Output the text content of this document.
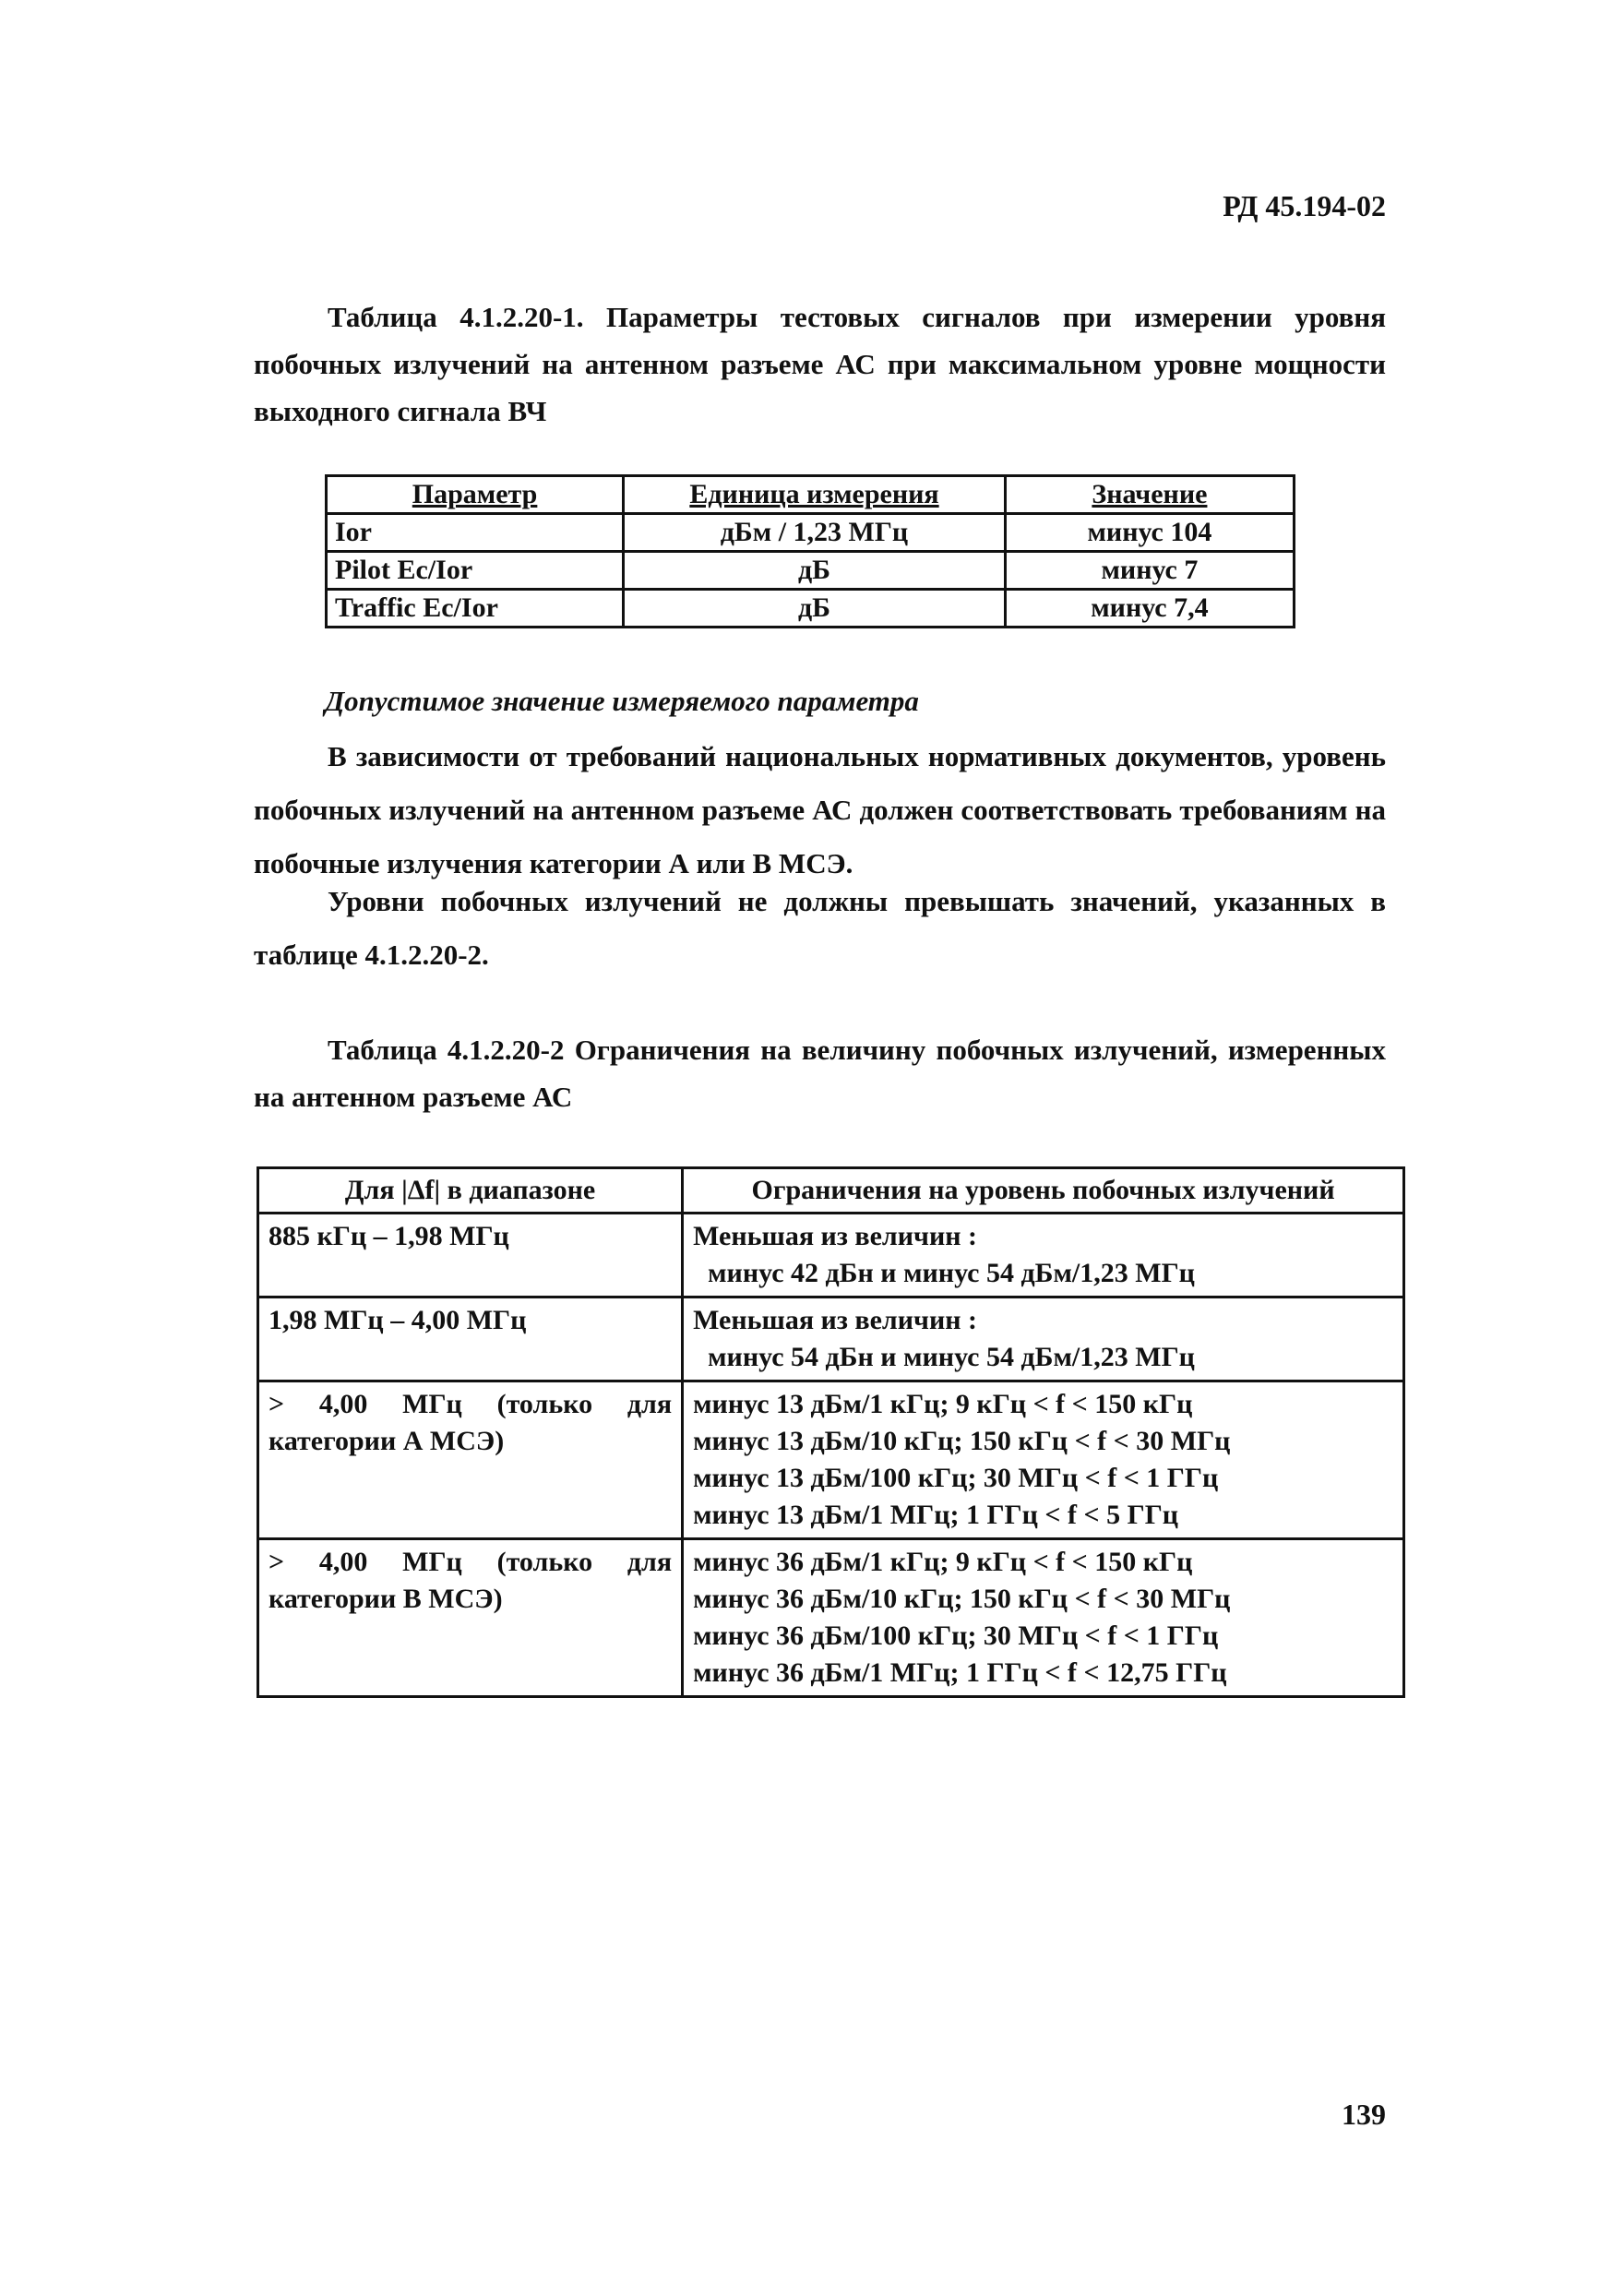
РД 45.194-02
Таблица 4.1.2.20-1. Параметры тестовых сигналов при измерении уровня побочных излучений на антенном разъеме АС при максимальном уровне мощности выходного сигнала ВЧ
Параметр	Единица измерения	Значение
Ior	дБм / 1,23 МГц	минус 104
Pilot Ec/Ior	дБ	минус 7
Traffic Ec/Ior	дБ	минус 7,4
Допустимое значение измеряемого параметра

В зависимости от требований национальных нормативных документов, уровень побочных излучений на антенном разъеме АС должен соответствовать требованиям на побочные излучения категории А или В МСЭ.

Уровни побочных излучений не должны превышать значений, указанных в таблице 4.1.2.20-2.

Таблица 4.1.2.20-2 Ограничения на величину побочных излучений, измеренных на антенном разъеме АС
Для |Δf| в диапазоне	Ограничения на уровень побочных излучений
885 кГц – 1,98 МГц	Меньшая из величин :
минус 42 дБн и минус 54 дБм/1,23 МГц

1,98 МГц – 4,00 МГц	Меньшая из величин :
минус 54 дБн и минус 54 дБм/1,23 МГц

> 4,00 МГц (только для категории А МСЭ)	минус 13 дБм/1 кГц; 9 кГц < f < 150 кГц
минус 13 дБм/10 кГц; 150 кГц < f < 30 МГц
минус 13 дБм/100 кГц; 30 МГц < f < 1 ГГц
минус 13 дБм/1 МГц; 1 ГГц < f < 5 ГГц

> 4,00 МГц (только для категории В МСЭ)	минус 36 дБм/1 кГц; 9 кГц < f < 150 кГц
минус 36 дБм/10 кГц; 150 кГц < f < 30 МГц
минус 36 дБм/100 кГц; 30 МГц < f < 1 ГГц
минус 36 дБм/1 МГц; 1 ГГц < f < 12,75 ГГц
139
